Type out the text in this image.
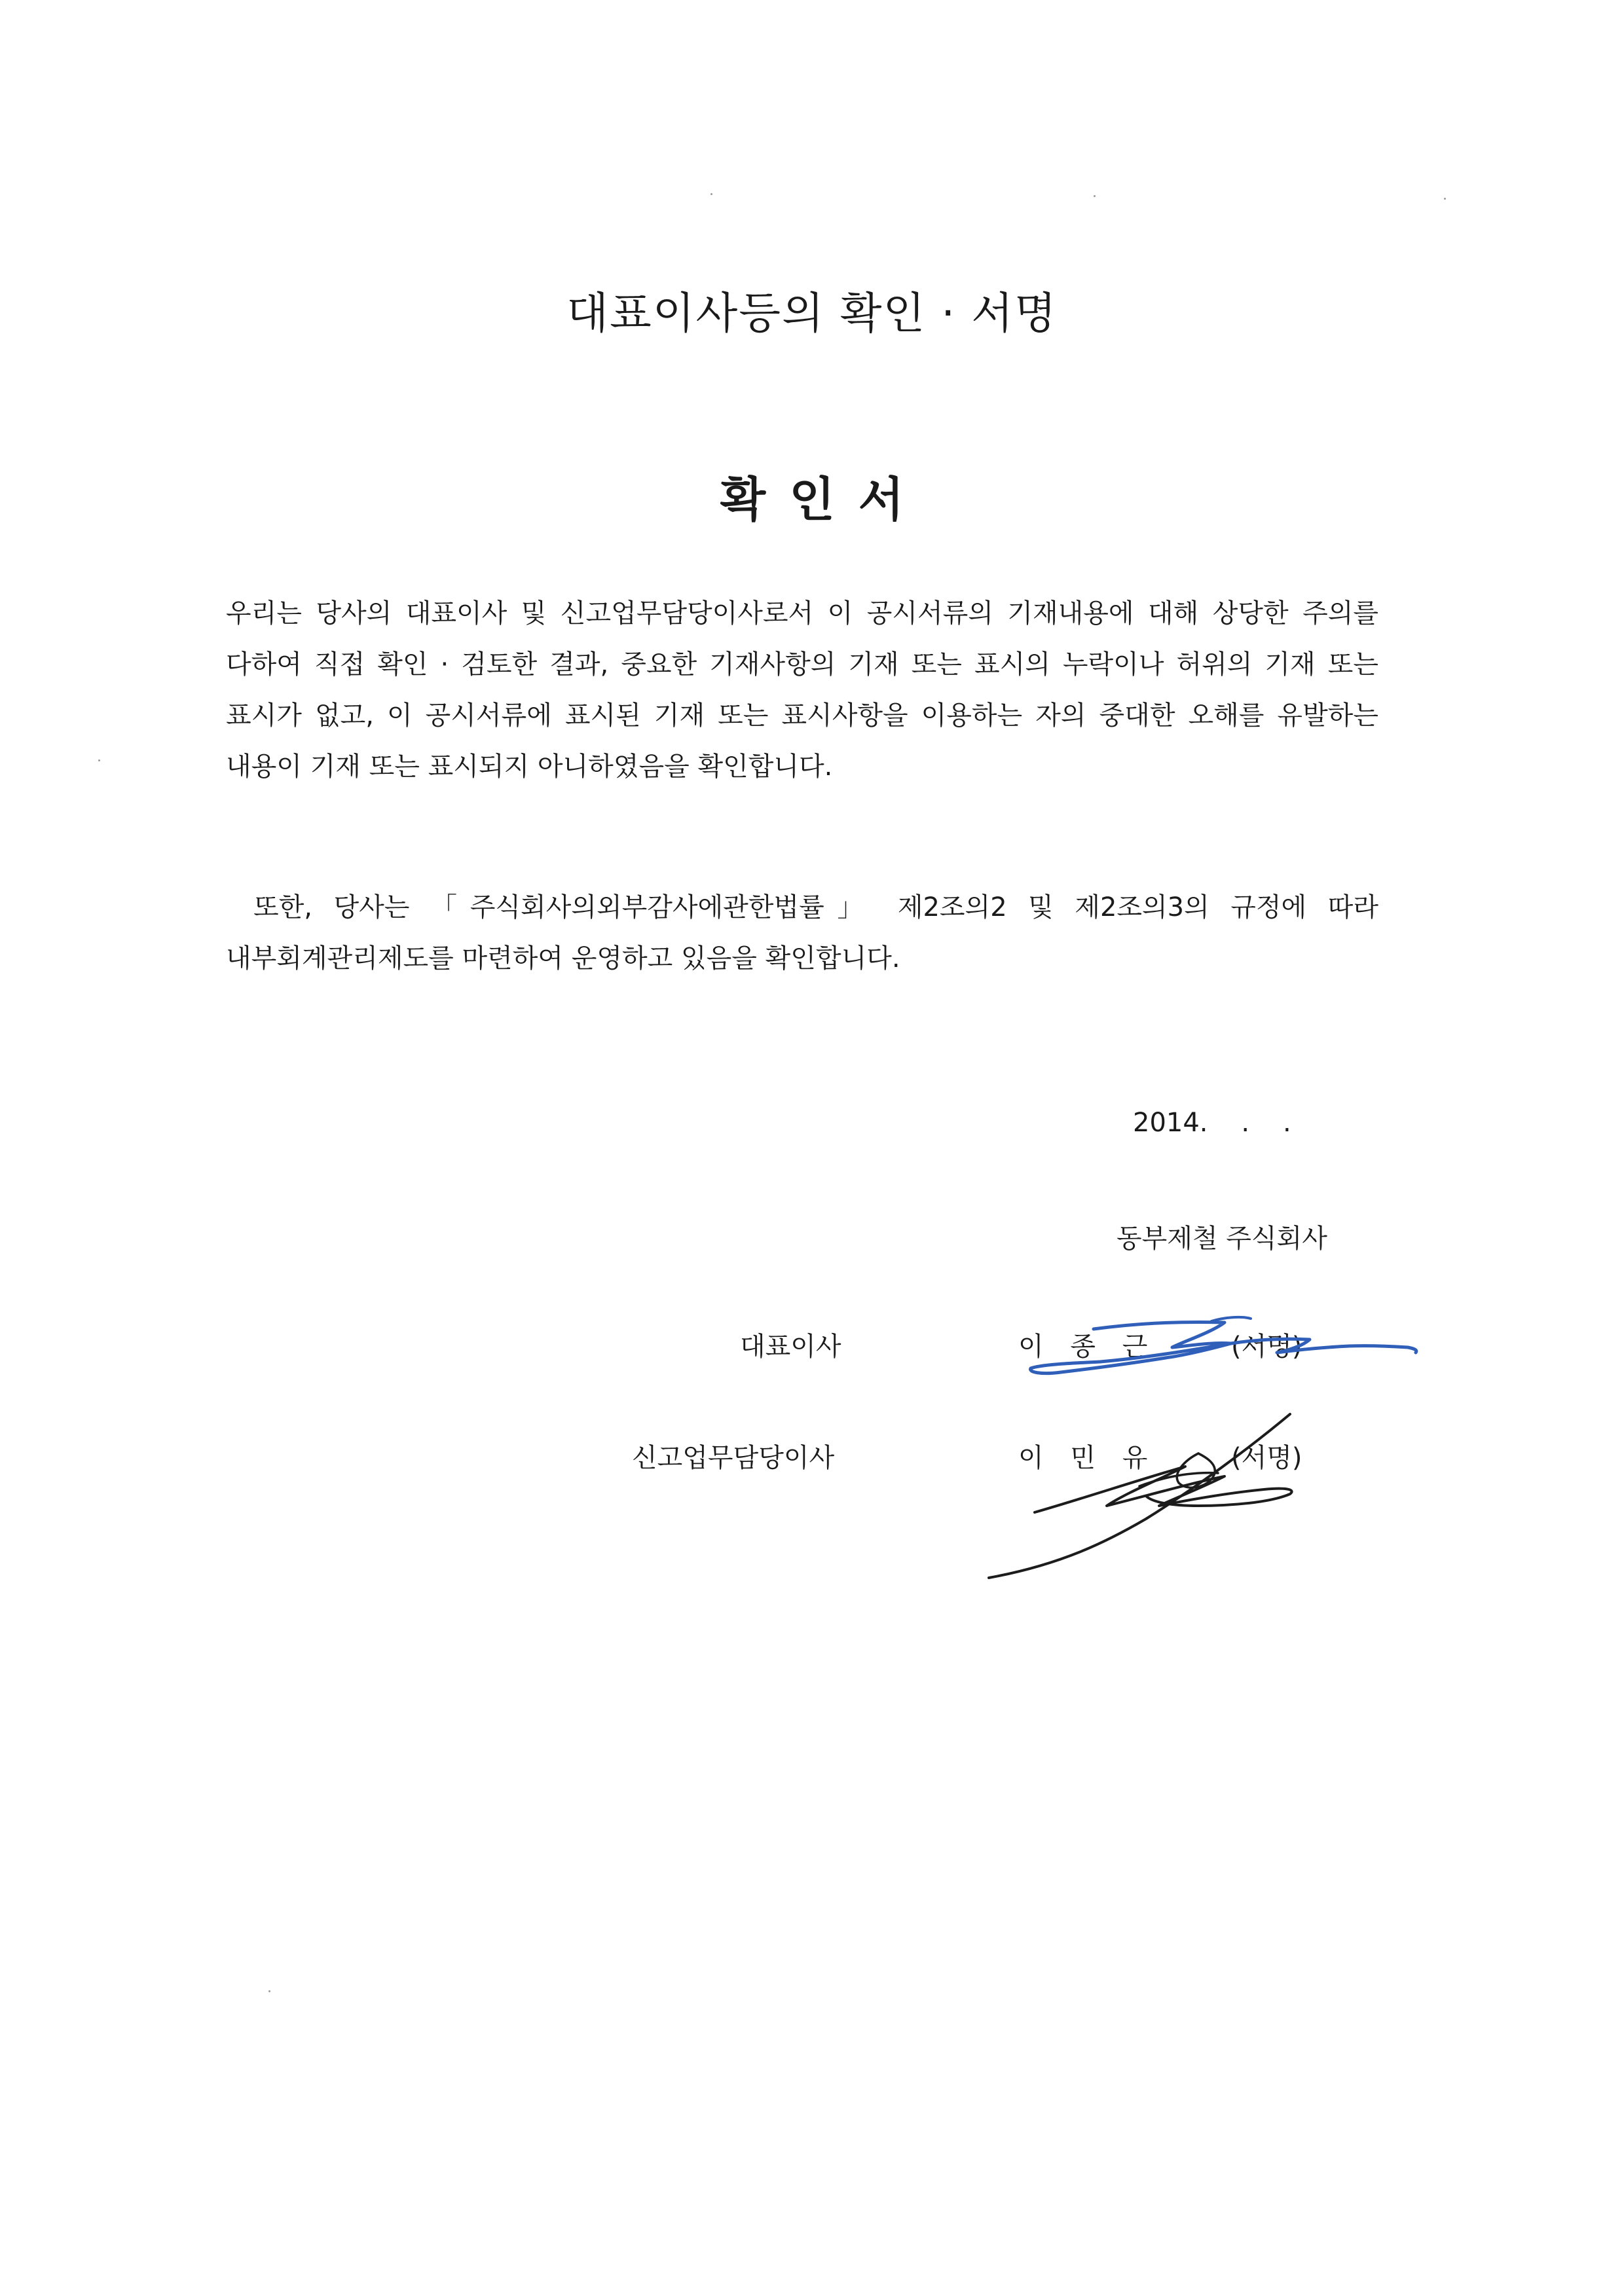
대표이사등의 확인 · 서명
확인서
우리는 당사의 대표이사 및 신고업무담당이사로서 이 공시서류의 기재내용에 대해 상당한 주의를 다하여 직접 확인 · 검토한 결과, 중요한 기재사항의 기재 또는 표시의 누락이나 허위의 기재 또는 표시가 없고, 이 공시서류에 표시된 기재 또는 표시사항을 이용하는 자의 중대한 오해를 유발하는 내용이 기재 또는 표시되지 아니하였음을 확인합니다.
또한, 당사는 「주식회사의외부감사에관한법률」 제2조의2 및 제2조의3의 규정에 따라 내부회계관리제도를 마련하여 운영하고 있음을 확인합니다.
2014.    .    .
동부제철 주식회사
대표이사	이 종 근	(서명)
신고업무담당이사	이 민 유	(서명)
